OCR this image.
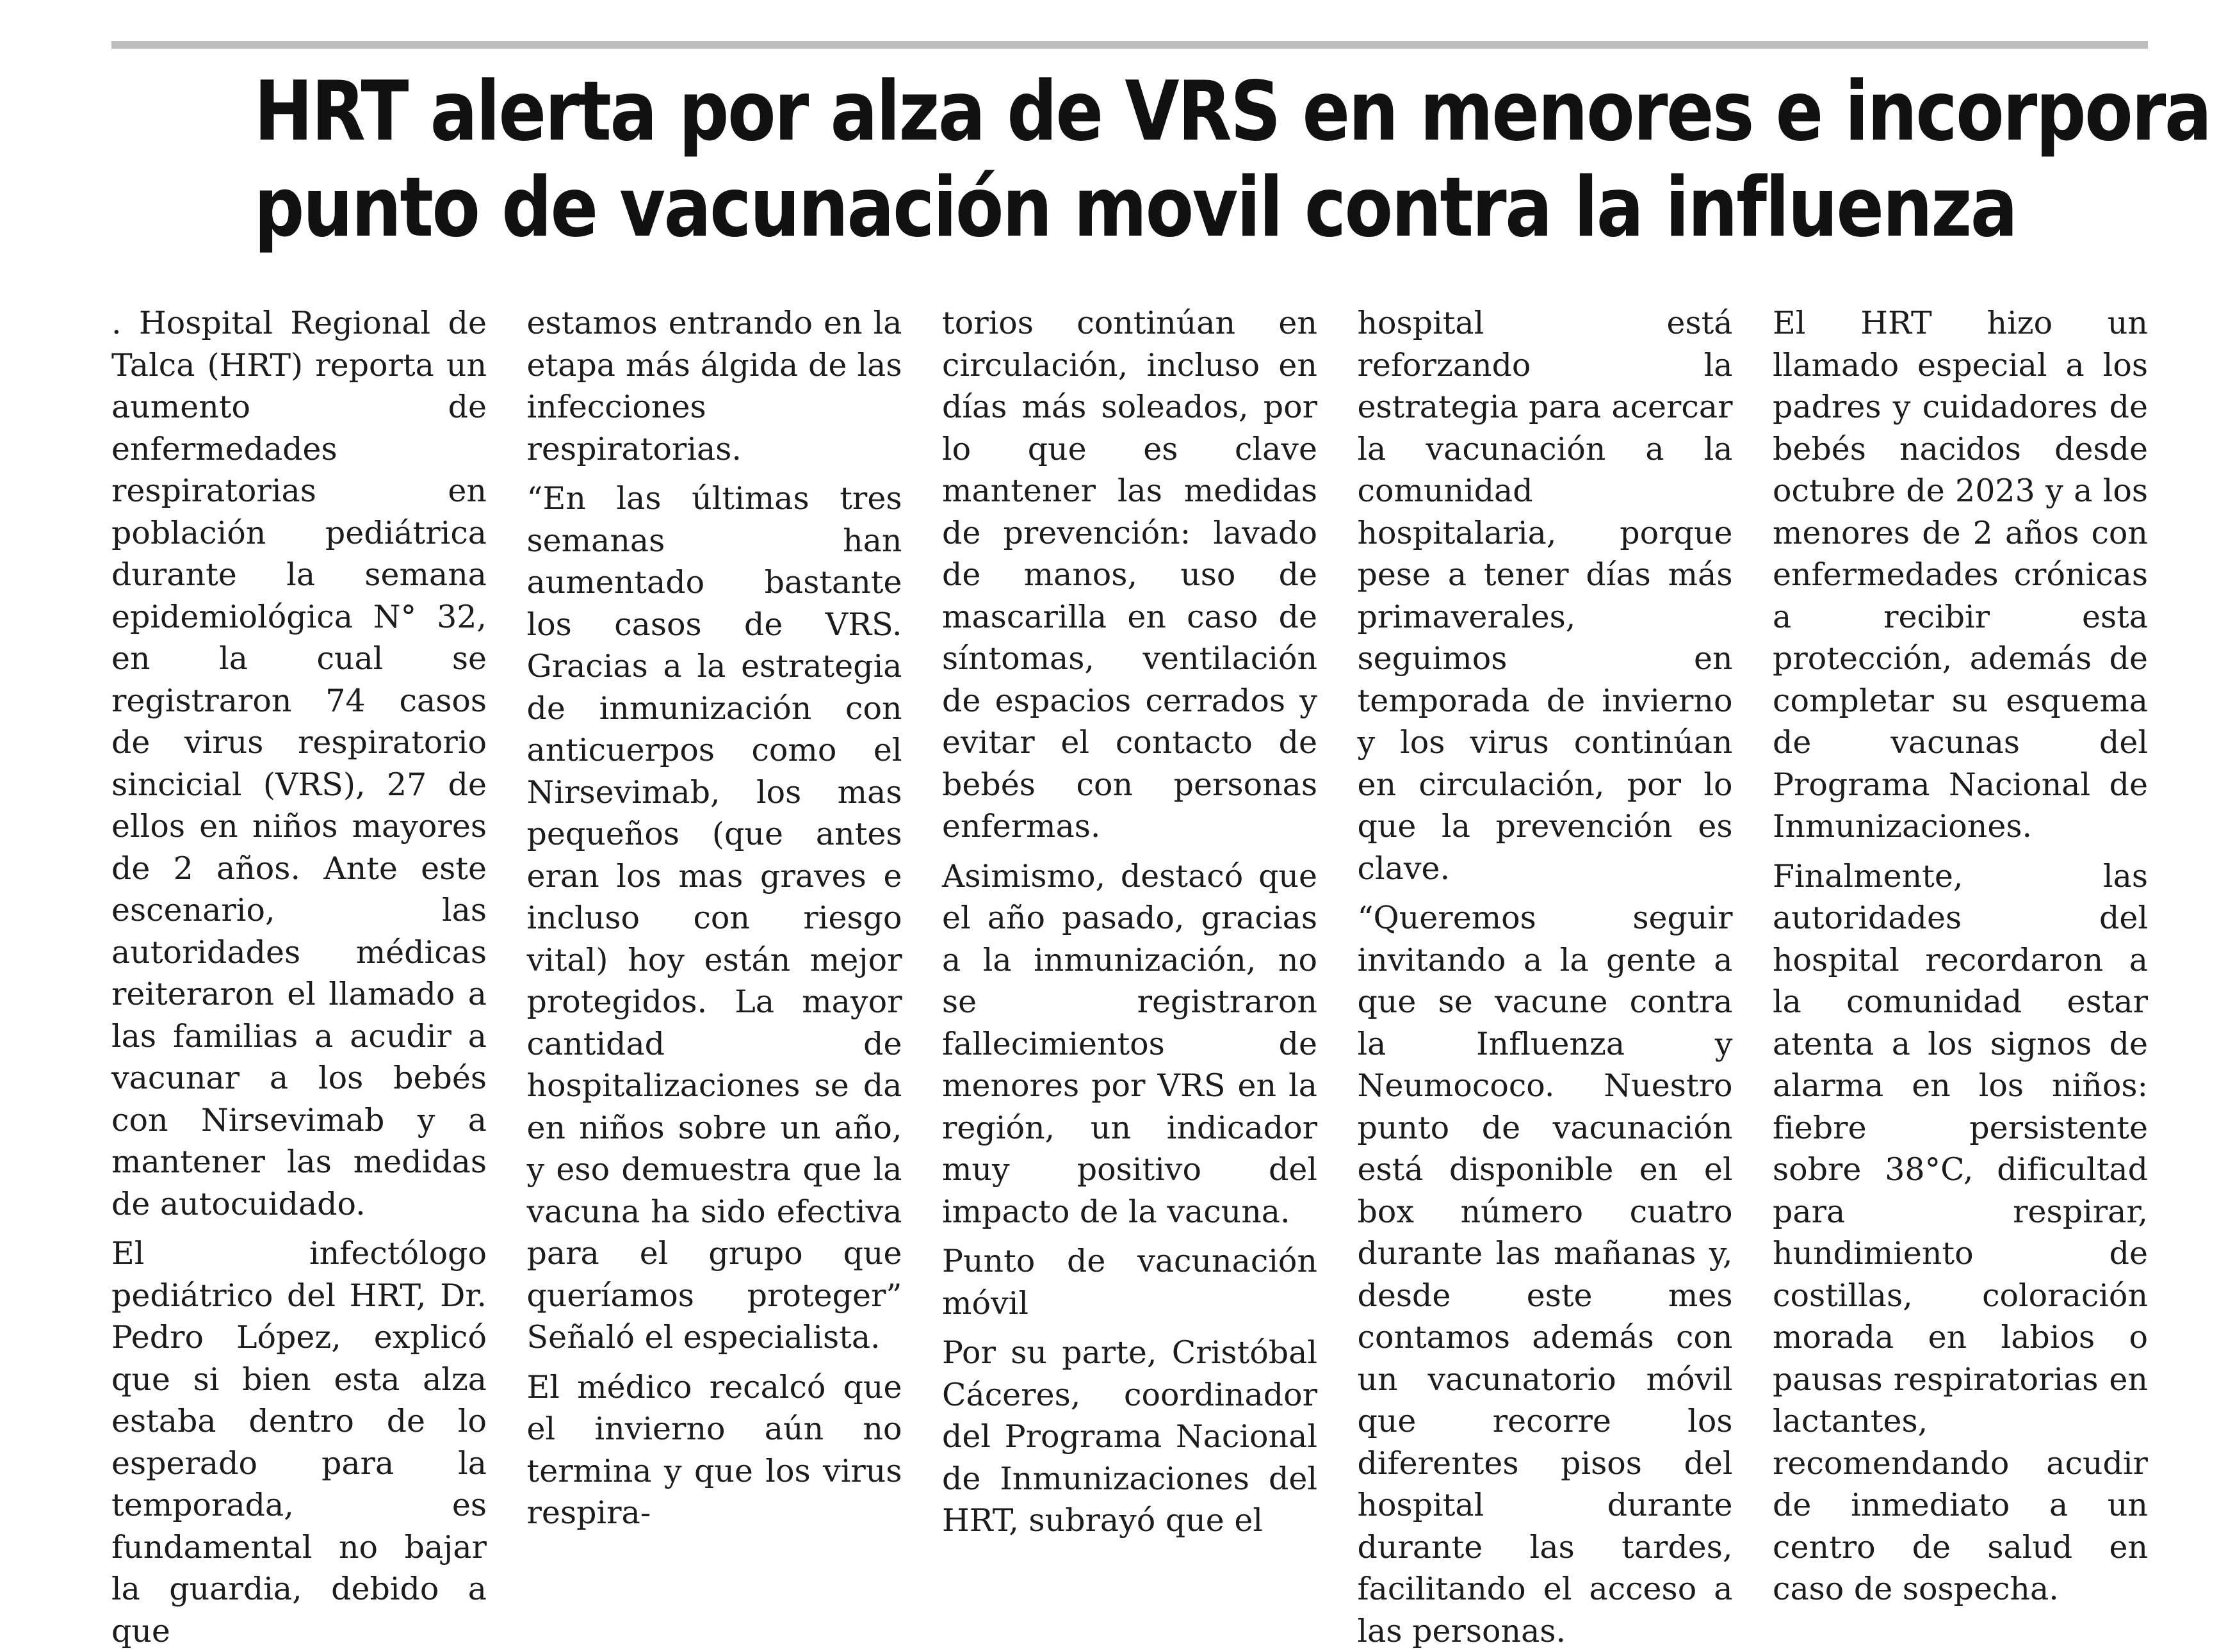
HRT alerta por alza de VRS en menores e incorpora
punto de vacunación movil contra la influenza

. Hospital Regional de Talca (HRT) reporta un aumento de enfermedades respiratorias en población pediátrica durante la semana epidemiológica N° 32, en la cual se registraron 74 casos de virus respiratorio sincicial (VRS), 27 de ellos en niños mayores de 2 años. Ante este escenario, las autoridades médicas reiteraron el llamado a las familias a acudir a vacunar a los bebés con Nirsevimab y a mantener las medidas de autocuidado.

El infectólogo pediátrico del HRT, Dr. Pedro López, explicó que si bien esta alza estaba dentro de lo esperado para la temporada, es fundamental no bajar la guardia, debido a que

estamos entrando en la etapa más álgida de las infecciones respiratorias.

“En las últimas tres semanas han aumentado bastante los casos de VRS. Gracias a la estrategia de inmunización con anticuerpos como el Nirsevimab, los mas pequeños (que antes eran los mas graves e incluso con riesgo vital) hoy están mejor protegidos. La mayor cantidad de hospitalizaciones se da en niños sobre un año, y eso demuestra que la vacuna ha sido efectiva para el grupo que queríamos proteger” Señaló el especialista.

El médico recalcó que el invierno aún no termina y que los virus respira-

torios continúan en circulación, incluso en días más soleados, por lo que es clave mantener las medidas de prevención: lavado de manos, uso de mascarilla en caso de síntomas, ventilación de espacios cerrados y evitar el contacto de bebés con personas enfermas.

Asimismo, destacó que el año pasado, gracias a la inmunización, no se registraron fallecimientos de menores por VRS en la región, un indicador muy positivo del impacto de la vacuna.

Punto de vacunación móvil

Por su parte, Cristóbal Cáceres, coordinador del Programa Nacional de Inmunizaciones del HRT, subrayó que el

hospital está reforzando la estrategia para acercar la vacunación a la comunidad hospitalaria, porque pese a tener días más primaverales, seguimos en temporada de invierno y los virus continúan en circulación, por lo que la prevención es clave.

“Queremos seguir invitando a la gente a que se vacune contra la Influenza y Neumococo. Nuestro punto de vacunación está disponible en el box número cuatro durante las mañanas y, desde este mes contamos además con un vacunatorio móvil que recorre los diferentes pisos del hospital durante durante las tardes, facilitando el acceso a las personas.

El HRT hizo un llamado especial a los padres y cuidadores de bebés nacidos desde octubre de 2023 y a los menores de 2 años con enfermedades crónicas a recibir esta protección, además de completar su esquema de vacunas del Programa Nacional de Inmunizaciones.

Finalmente, las autoridades del hospital recordaron a la comunidad estar atenta a los signos de alarma en los niños: fiebre persistente sobre 38°C, dificultad para respirar, hundimiento de costillas, coloración morada en labios o pausas respiratorias en lactantes, recomendando acudir de inmediato a un centro de salud en caso de sospecha.
